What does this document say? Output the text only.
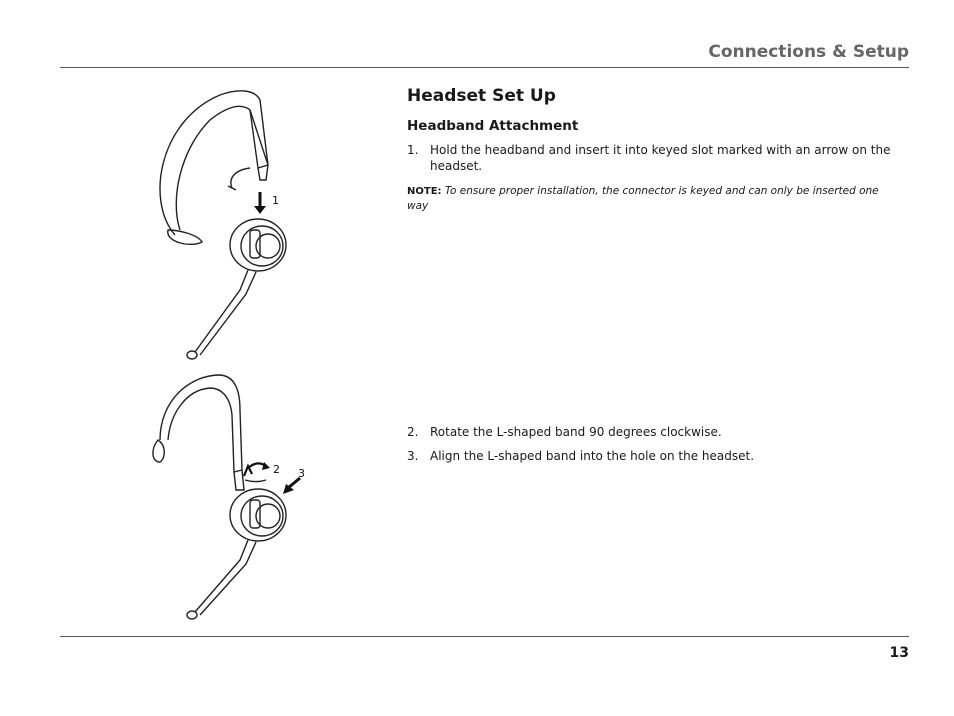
Connections & Setup
1
2 3
Headset Set Up
Headband Attachment
1. Hold the headband and insert it into keyed slot marked with an arrow on the headset.

NOTE: To ensure proper installation, the connector is keyed and can only be inserted one way

2. Rotate the L-shaped band 90 degrees clockwise.
3. Align the L-shaped band into the hole on the headset.

13
